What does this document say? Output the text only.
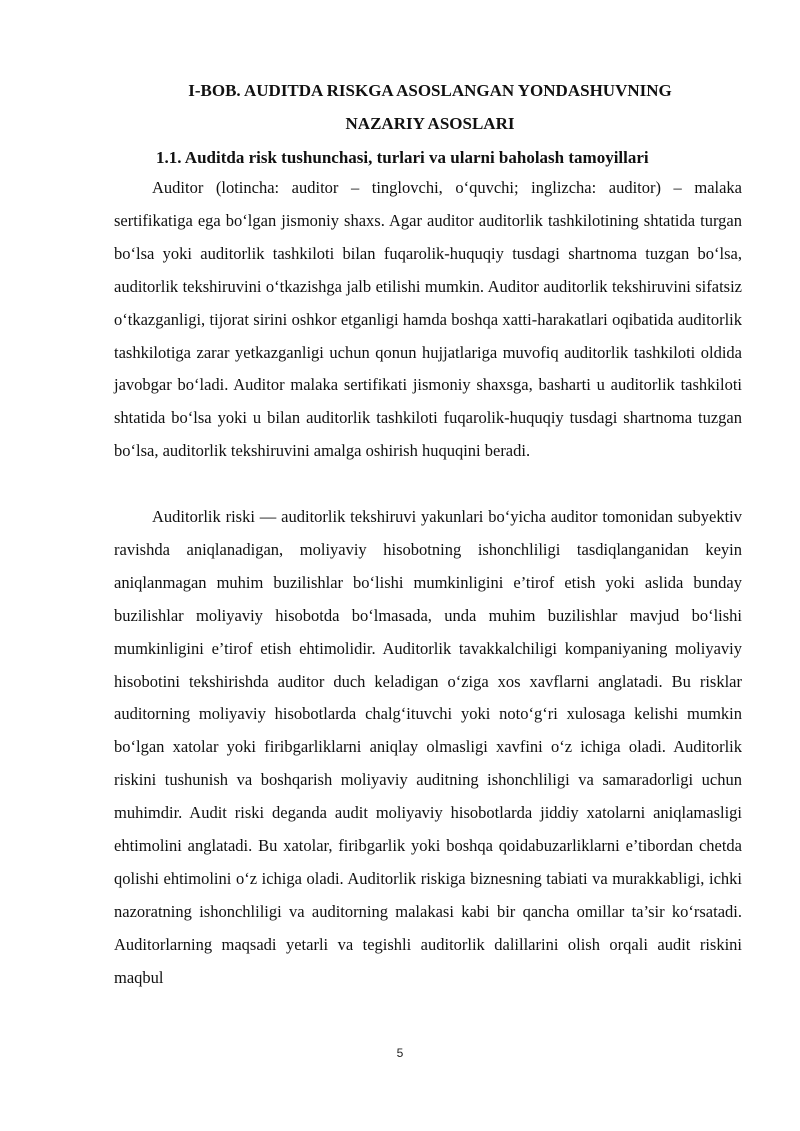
I-BOB. AUDITDA RISKGA ASOSLANGAN YONDASHUVNING
NAZARIY ASOSLARI
1.1. Auditda risk tushunchasi, turlari va ularni baholash tamoyillari

Auditor (lotincha: auditor – tinglovchi, o‘quvchi; inglizcha: auditor) – malaka sertifikatiga ega bo‘lgan jismoniy shaxs. Agar auditor auditorlik tashkilotining shtatida turgan bo‘lsa yoki auditorlik tashkiloti bilan fuqarolik-huquqiy tusdagi shartnoma tuzgan bo‘lsa, auditorlik tekshiruvini o‘tkazishga jalb etilishi mumkin. Auditor auditorlik tekshiruvini sifatsiz o‘tkazganligi, tijorat sirini oshkor etganligi hamda boshqa xatti-harakatlari oqibatida auditorlik tashkilotiga zarar yetkazganligi uchun qonun hujjatlariga muvofiq auditorlik tashkiloti oldida javobgar bo‘ladi. Auditor malaka sertifikati jismoniy shaxsga, basharti u auditorlik tashkiloti shtatida bo‘lsa yoki u bilan auditorlik tashkiloti fuqarolik-huquqiy tusdagi shartnoma tuzgan bo‘lsa, auditorlik tekshiruvini amalga oshirish huquqini beradi.

Auditorlik riski — auditorlik tekshiruvi yakunlari bo‘yicha auditor tomonidan subyektiv ravishda aniqlanadigan, moliyaviy hisobotning ishonchliligi tasdiqlanganidan keyin aniqlanmagan muhim buzilishlar bo‘lishi mumkinligini e’tirof etish yoki aslida bunday buzilishlar moliyaviy hisobotda bo‘lmasada, unda muhim buzilishlar mavjud bo‘lishi mumkinligini e’tirof etish ehtimolidir. Auditorlik tavakkalchiligi kompaniyaning moliyaviy hisobotini tekshirishda auditor duch keladigan o‘ziga xos xavflarni anglatadi. Bu risklar auditorning moliyaviy hisobotlarda chalg‘ituvchi yoki noto‘g‘ri xulosaga kelishi mumkin bo‘lgan xatolar yoki firibgarliklarni aniqlay olmasligi xavfini o‘z ichiga oladi. Auditorlik riskini tushunish va boshqarish moliyaviy auditning ishonchliligi va samaradorligi uchun muhimdir. Audit riski deganda audit moliyaviy hisobotlarda jiddiy xatolarni aniqlamasligi ehtimolini anglatadi. Bu xatolar, firibgarlik yoki boshqa qoidabuzarliklarni e’tibordan chetda qolishi ehtimolini o‘z ichiga oladi. Auditorlik riskiga biznesning tabiati va murakkabligi, ichki nazoratning ishonchliligi va auditorning malakasi kabi bir qancha omillar ta’sir ko‘rsatadi. Auditorlarning maqsadi yetarli va tegishli auditorlik dalillarini olish orqali audit riskini maqbul

5
